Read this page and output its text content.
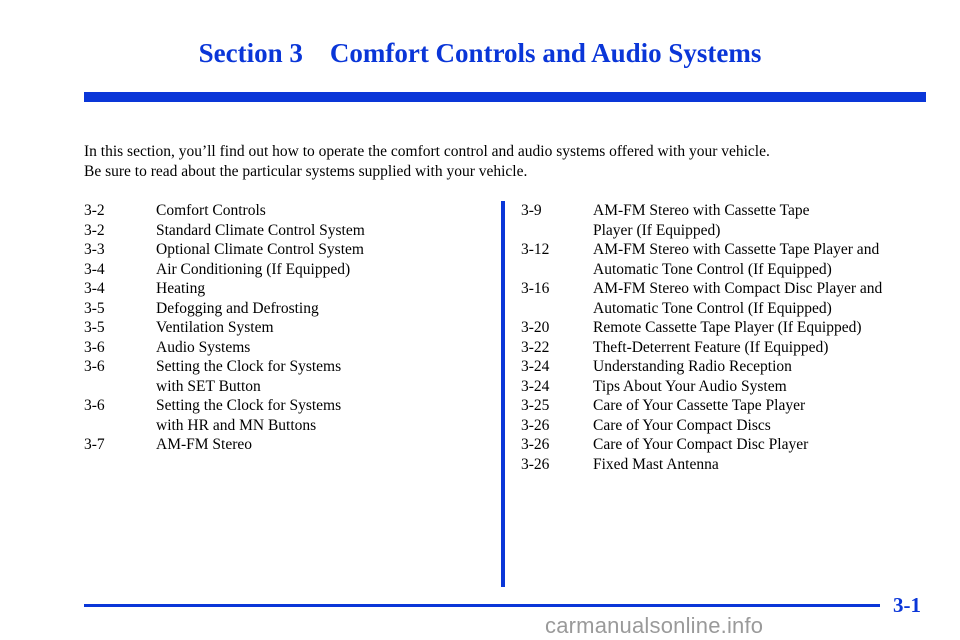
Section 3    Comfort Controls and Audio Systems
In this section, you’ll find out how to operate the comfort control and audio systems offered with your vehicle.
Be sure to read about the particular systems supplied with your vehicle.
3‑2	Comfort Controls
3‑2	Standard Climate Control System
3‑3	Optional Climate Control System
3‑4	Air Conditioning (If Equipped)
3‑4	Heating
3‑5	Defogging and Defrosting
3‑5	Ventilation System
3‑6	Audio Systems
3‑6	Setting the Clock for Systems
with SET Button
3‑6	Setting the Clock for Systems
with HR and MN Buttons
3‑7	AM‑FM Stereo
3‑9	AM‑FM Stereo with Cassette Tape
Player (If Equipped)
3‑12	AM‑FM Stereo with Cassette Tape Player and
Automatic Tone Control (If Equipped)
3‑16	AM‑FM Stereo with Compact Disc Player and
Automatic Tone Control (If Equipped)
3‑20	Remote Cassette Tape Player (If Equipped)
3‑22	Theft‑Deterrent Feature (If Equipped)
3‑24	Understanding Radio Reception
3‑24	Tips About Your Audio System
3‑25	Care of Your Cassette Tape Player
3‑26	Care of Your Compact Discs
3‑26	Care of Your Compact Disc Player
3‑26	Fixed Mast Antenna
3‑1
carmanualsonline.info
